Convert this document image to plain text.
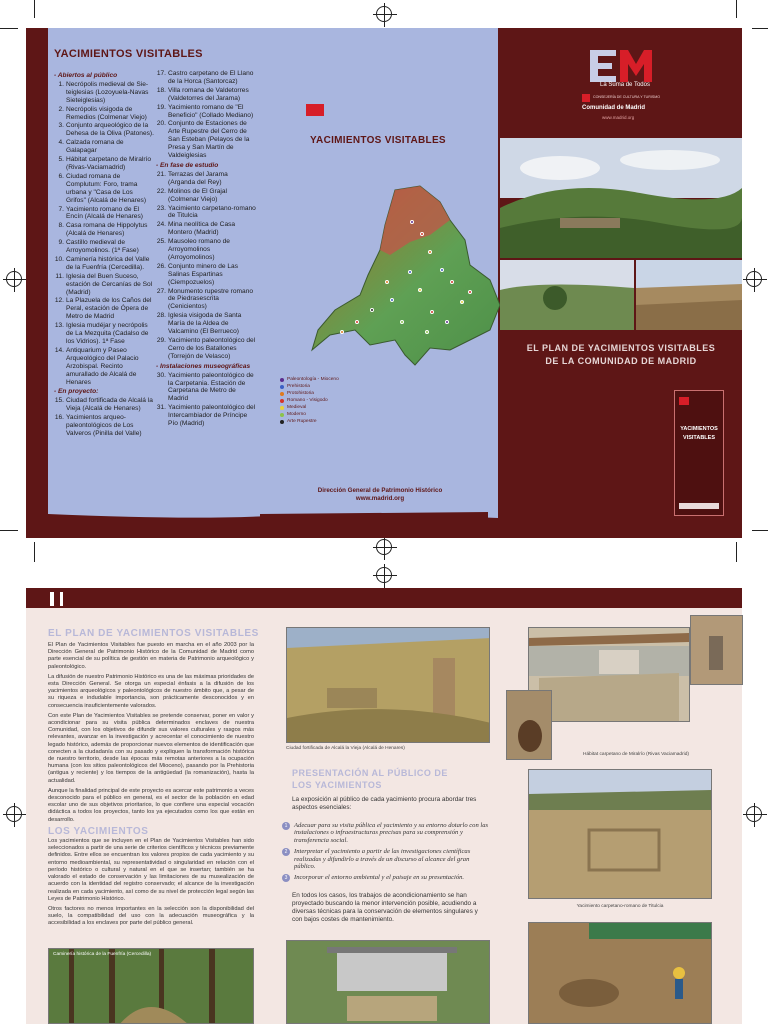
YACIMIENTOS VISITABLES
- Abiertos al público
1. Necrópolis medieval de Sie-teiglesias (Lozoyuela-Navas Sieteiglesias)
2. Necrópolis visigoda de Remedios (Colmenar Viejo)
3. Conjunto arqueológico de la Dehesa de la Oliva (Patones).
4. Calzada romana de Galapagar
5. Hábitat carpetano de Miralrío (Rivas-Vaciamadrid)
6. Ciudad romana de Complutum: Foro, trama urbana y "Casa de Los Grifos" (Alcalá de Henares)
7. Yacimiento romano de El Encín (Alcalá de Henares)
8. Casa romana de Hippolytus (Alcalá de Henares)
9. Castillo medieval de Arroyomolinos. (1ª Fase)
10. Caminería histórica del Valle de la Fuenfría (Cercedilla).
11. Iglesia del Buen Suceso, estación de Cercanías de Sol (Madrid)
12. La Plazuela de los Caños del Peral, estación de Ópera de Metro de Madrid
13. Iglesia mudéjar y necrópolis de La Mezquita (Cadalso de los Vidrios). 1ª Fase
14. Antiquarium y Paseo Arqueológico del Palacio Arzobispal. Recinto amurallado de Alcalá de Henares
- En proyecto:
15. Ciudad fortificada de Alcalá la Vieja (Alcalá de Henares)
16. Yacimientos arqueo-paleontológicos de Los Valveros (Pinilla del Valle)
17. Castro carpetano de El Llano de la Horca (Santorcaz)
18. Villa romana de Valdetorres (Valdetorres del Jarama)
19. Yacimiento romano de "El Beneficio" (Collado Mediano)
20. Conjunto de Estaciones de Arte Rupestre del Cerro de San Esteban (Pelayos de la Presa y San Martín de Valdeiglesias
- En fase de estudio
21. Terrazas del Jarama (Arganda del Rey)
22. Molinos de El Grajal (Colmenar Viejo)
23. Yacimiento carpetano-romano de Titulcia
24. Mina neolítica de Casa Montero (Madrid)
25. Mausoleo romano de Arroyomolinos (Arroyomolinos)
26. Conjunto minero de Las Salinas Espartinas (Ciempozuelos)
27. Monumento rupestre romano de Piedrasescrita (Cenicientos)
28. Iglesia visigoda de Santa María de la Aldea de Valcamino (El Berrueco)
29. Yacimiento paleontológico del Cerro de los Batallones (Torrejón de Velasco)
- Instalaciones museográficas
30. Yacimiento paleontológico de la Carpetania. Estación de Carpetana de Metro de Madrid
31. Yacimiento paleontológico del Intercambiador de Príncipe Pío (Madrid)
YACIMIENTOS VISITABLES
Paleontología - Mioceno
Prehistoria
Protohistoria
Romano - Visigodo
Medieval
Moderno
Arte Rupestre
Dirección General de Patrimonio Histórico
www.madrid.org
La Suma de Todos
CONSEJERÍA DE CULTURA Y TURISMO
Comunidad de Madrid
www.madrid.org
EL PLAN DE YACIMIENTOS VISITABLES
DE LA COMUNIDAD DE MADRID
YACIMIENTOS
VISITABLES
EL PLAN DE YACIMIENTOS VISITABLES

El Plan de Yacimientos Visitables fue puesto en marcha en el año 2003 por la Dirección General de Patrimonio Histórico de la Comunidad de Madrid como parte esencial de su política de gestión en materia de Patrimonio arqueológico y paleontológico.

La difusión de nuestro Patrimonio Histórico es una de las máximas prioridades de esta Dirección General. Se otorga un especial énfasis a la difusión de los yacimientos arqueológicos y paleontológicos de nuestro ámbito que, a pesar de su riqueza e indudable importancia, son prácticamente desconocidos y en consecuencia insuficientemente valorados.

Con este Plan de Yacimientos Visitables se pretende conservar, poner en valor y acondicionar para su visita pública determinados enclaves de nuestra Comunidad, con los objetivos de difundir sus valores culturales y rasgos más relevantes, avanzar en la investigación y acrecentar el conocimiento de nuestro legado histórico, además de proporcionar nuevos elementos de identificación que conecten a la ciudadanía con su pasado y expliquen la transformación histórica de nuestro territorio, desde las épocas más remotas anteriores a la ocupación humana (con los sitios paleontológicos del Mioceno), pasando por la Prehistoria (antigua y reciente) y los tiempos de la antigüedad (la romanización), hasta la actualidad.

Aunque la finalidad principal de este proyecto es acercar este patrimonio a veces desconocido para el público en general, es el sector de la población en edad escolar uno de sus objetivos prioritarios, lo que confiere una especial vocación didáctica a todos los proyectos, tanto los ya ejecutados como los que están en desarrollo.

LOS YACIMIENTOS

Los yacimientos que se incluyen en el Plan de Yacimientos Visitables han sido seleccionados a partir de una serie de criterios científicos y técnicos previamente definidos. Entre ellos se encuentran los valores propios de cada yacimiento y su entorno medioambiental, su representatividad o singularidad en relación con el período histórico o cultural y natural en el que se insertan; también se ha valorado el estado de conservación y las limitaciones de su musealización de acuerdo con la identidad del registro conservado; el alcance de la investigación realizada en cada yacimiento, así como de su nivel de protección legal según las Leyes de Patrimonio Histórico.

Otros factores no menos importantes en la selección son la disponibilidad del suelo, la compatibilidad del uso con la adecuación museográfica y la accesibilidad a los enclaves por parte del público general.

Caminería histórica de la Fuenfría (Cercedilla)
Ciudad fortificada de Alcalá la Vieja (Alcalá de Henares)
PRESENTACIÓN AL PÚBLICO DE
LOS YACIMIENTOS
La exposición al público de cada yacimiento procura abordar tres aspectos esenciales:
1	Adecuar para su visita pública el yacimiento y su entorno dotarlo con las instalaciones o infraestructuras precisas para su comprensión y transferencia social.
2	Interpretar el yacimiento a partir de las investigaciones científicas realizadas y difundirlo a través de un discurso al alcance del gran público.
3	Incorporar el entorno ambiental y el paisaje en su presentación.
En todos los casos, los trabajos de acondicionamiento se han proyectado buscando la menor intervención posible, acudiendo a diversas técnicas para la conservación de elementos singulares y con bajos costes de mantenimiento.
Hábitat carpetano de Miralrío (Rivas Vaciamadrid)
Yacimiento carpetano-romano de Titulcia
